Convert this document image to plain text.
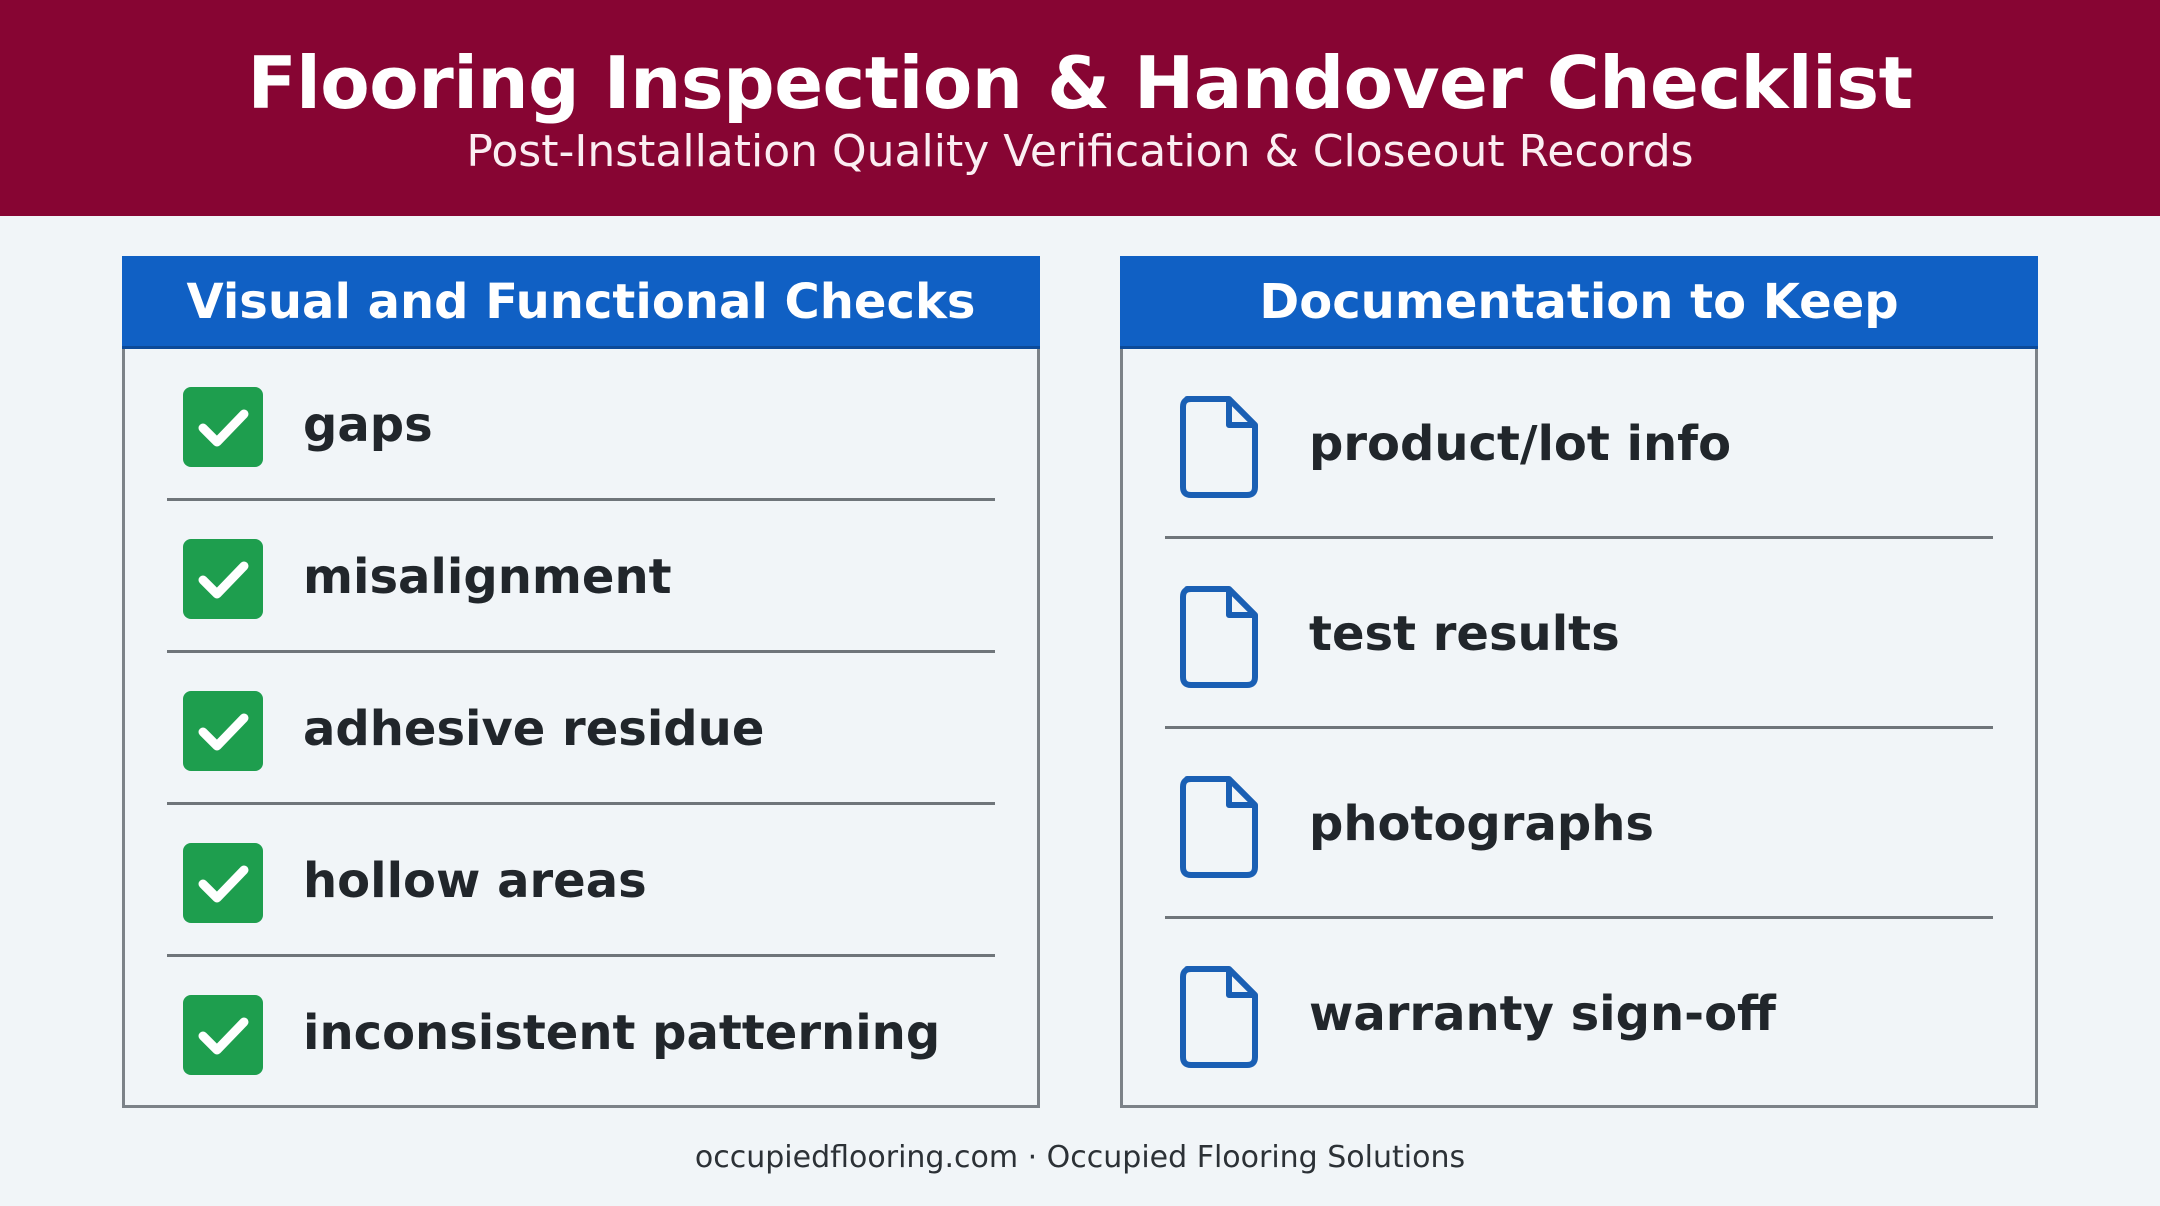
Flooring Inspection & Handover Checklist
Post-Installation Quality Verification & Closeout Records
Visual and Functional Checks
gaps
misalignment
adhesive residue
hollow areas
inconsistent patterning
Documentation to Keep
product/lot info
test results
photographs
warranty sign-off
occupiedflooring.com · Occupied Flooring Solutions
